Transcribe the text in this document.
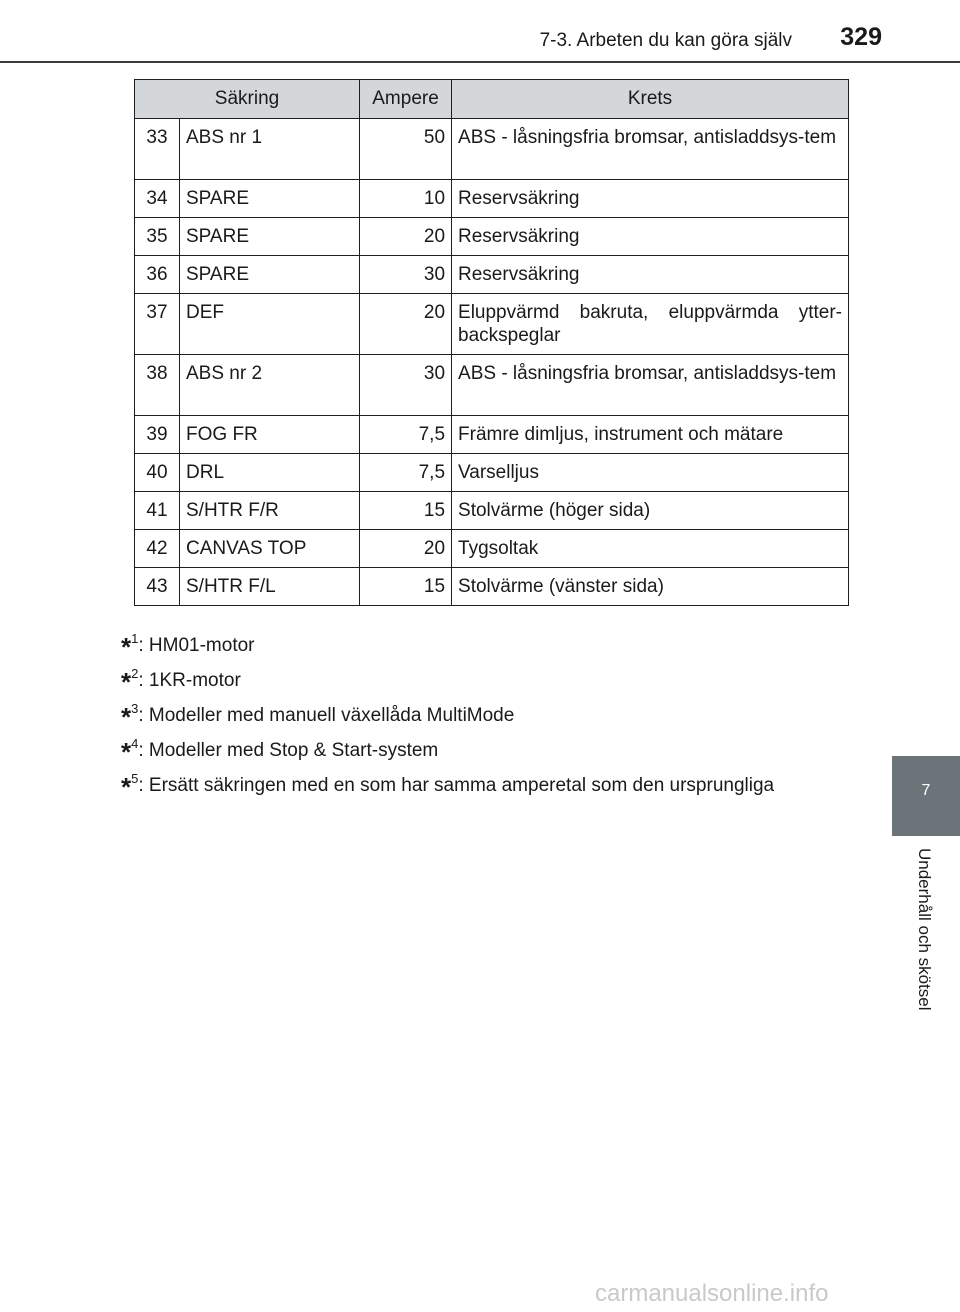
7-3. Arbeten du kan göra själv	329
Säkring		Ampere	Krets
33	ABS nr 1	50	ABS - låsningsfria bromsar, antisladdsys-tem
34	SPARE	10	Reservsäkring
35	SPARE	20	Reservsäkring
36	SPARE	30	Reservsäkring
37	DEF	20	Eluppvärmd bakruta, eluppvärmda ytter-backspeglar
38	ABS nr 2	30	ABS - låsningsfria bromsar, antisladdsys-tem
39	FOG FR	7,5	Främre dimljus, instrument och mätare
40	DRL	7,5	Varselljus
41	S/HTR F/R	15	Stolvärme (höger sida)
42	CANVAS TOP	20	Tygsoltak
43	S/HTR F/L	15	Stolvärme (vänster sida)
*$^1$: HM01-motor
*$^2$: 1KR-motor
*$^3$: Modeller med manuell växellåda MultiMode
*$^4$: Modeller med Stop & Start-system
*$^5$: Ersätt säkringen med en som har samma amperetal som den ursprungliga	7
Underhåll och skötsel
carmanualsonline.info
